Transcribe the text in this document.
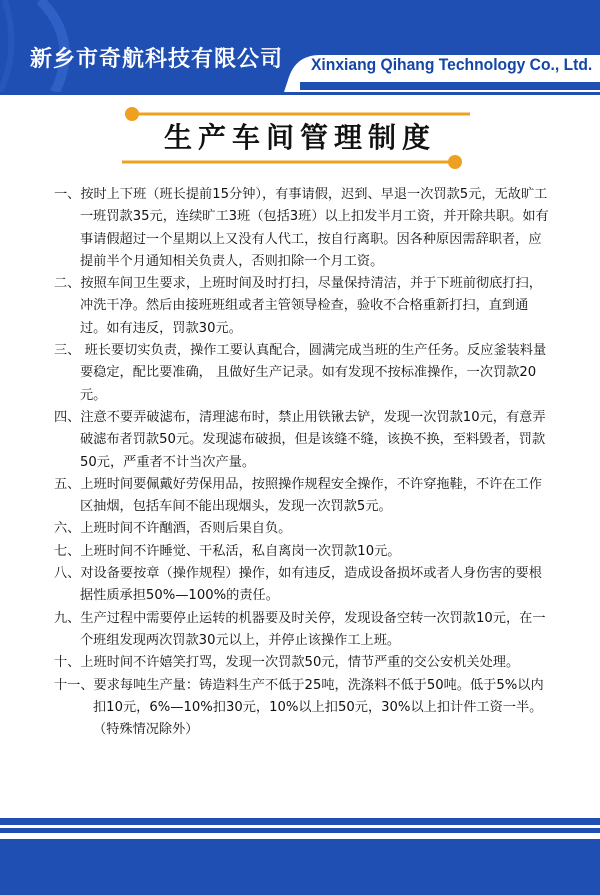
新乡市奇航科技有限公司 Xinxiang Qihang Technology Co., Ltd.
生产车间管理制度

一、按时上下班（班长提前15分钟），有事请假，迟到、早退一次罚款5元，无故旷工一班罚款35元，连续旷工3班（包括3班）以上扣发半月工资，并开除共职。如有事请假超过一个星期以上又没有人代工，按自行离职。因各种原因需辞职者，应提前半个月通知相关负责人，否则扣除一个月工资。

二、按照车间卫生要求，上班时间及时打扫，尽量保持清洁，并于下班前彻底打扫，冲洗干净。然后由接班班组或者主管领导检查，验收不合格重新打扫，直到通过。如有违反，罚款30元。

三、 班长要切实负责，操作工要认真配合，圆满完成当班的生产任务。反应釜装料量要稳定，配比要准确， 且做好生产记录。如有发现不按标准操作，一次罚款20元。

四、注意不要弄破滤布，清理滤布时，禁止用铁锹去铲，发现一次罚款10元，有意弄破滤布者罚款50元。发现滤布破损，但是该缝不缝，该换不换，至料毁者，罚款50元，严重者不计当次产量。

五、上班时间要佩戴好劳保用品，按照操作规程安全操作，不许穿拖鞋，不许在工作区抽烟，包括车间不能出现烟头，发现一次罚款5元。

六、上班时间不许酗酒，否则后果自负。

七、上班时间不许睡觉、干私活，私自离岗一次罚款10元。

八、对设备要按章（操作规程）操作，如有违反，造成设备损坏或者人身伤害的要根据性质承担50%—100%的责任。

九、生产过程中需要停止运转的机器要及时关停，发现设备空转一次罚款10元，在一个班组发现两次罚款30元以上，并停止该操作工上班。

十、上班时间不许嬉笑打骂，发现一次罚款50元，情节严重的交公安机关处理。

十一、要求每吨生产量：铸造料生产不低于25吨，洗涤料不低于50吨。低于5%以内扣10元，6%—10%扣30元，10%以上扣50元，30%以上扣计件工资一半。（特殊情况除外）
